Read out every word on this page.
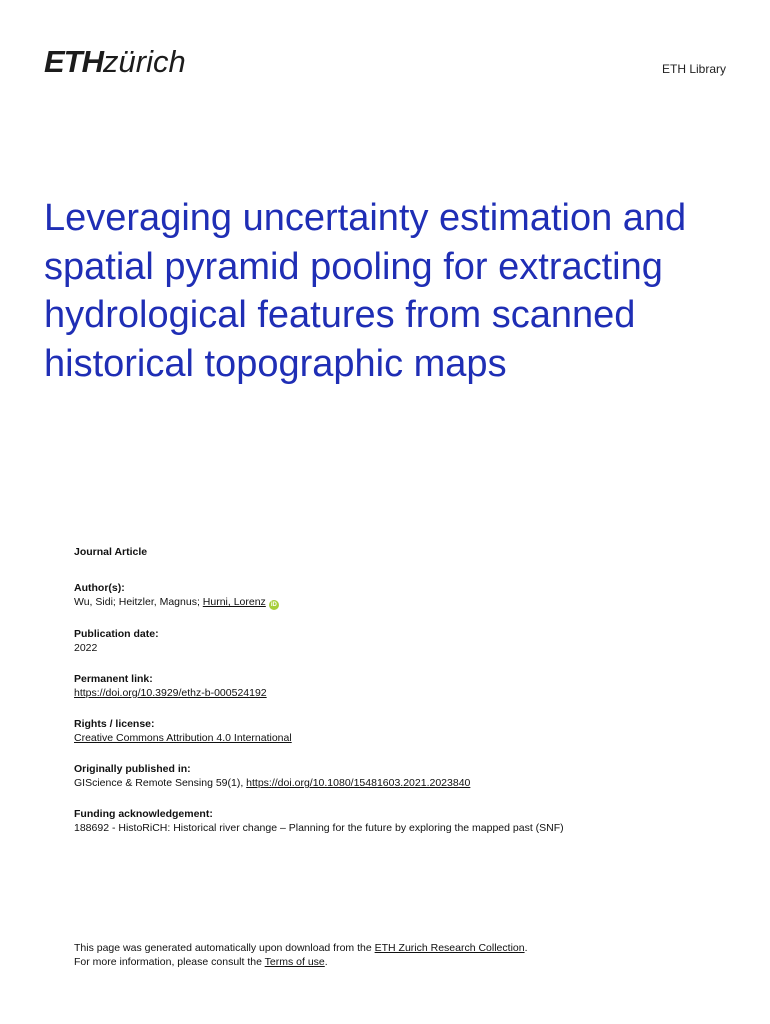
ETHzürich	ETH Library
Leveraging uncertainty estimation and spatial pyramid pooling for extracting hydrological features from scanned historical topographic maps
Journal Article
Author(s):
Wu, Sidi; Heitzler, Magnus; Hurni, Lorenz iD
Publication date:
2022
Permanent link:
https://doi.org/10.3929/ethz-b-000524192
Rights / license:
Creative Commons Attribution 4.0 International
Originally published in:
GIScience & Remote Sensing 59(1), https://doi.org/10.1080/15481603.2021.2023840
Funding acknowledgement:
188692 - HistoRiCH: Historical river change – Planning for the future by exploring the mapped past (SNF)
This page was generated automatically upon download from the ETH Zurich Research Collection.
For more information, please consult the Terms of use.
